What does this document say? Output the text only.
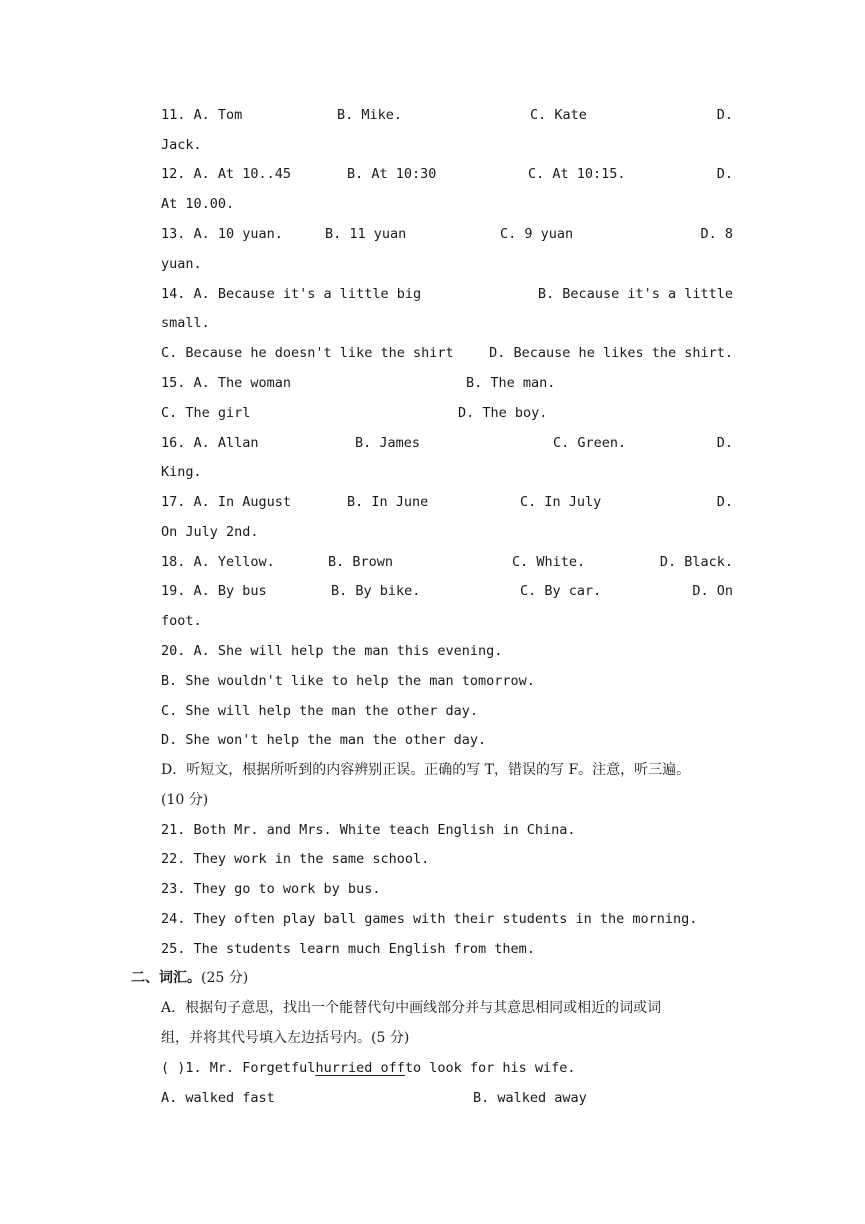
11. A. Tom	B. Mike.	C. Kate	D.
Jack.
12. A. At 10..45	B. At 10:30	C. At 10:15.	D.
At 10.00.
13. A. 10 yuan.	B. 11 yuan	C. 9 yuan	D. 8
yuan.
14. A. Because it's a little big	B. Because it's a little
small.
C. Because he doesn't like the shirt	D. Because he likes the shirt.
15. A. The woman	B. The man.
C. The girl	D. The boy.
16. A. Allan	B. James	C. Green.	D.
King.
17. A. In August	B. In June	C. In July	D.
On July 2nd.
18. A. Yellow.	B. Brown	C. White.	D. Black.
19. A. By bus	B. By bike.	C. By car.	D. On
foot.
20. A. She will help the man this evening.
B. She wouldn't like to help the man tomorrow.
C. She will help the man the other day.
D. She won't help the man the other day.
D．听短文，根据所听到的内容辨别正误。正确的写 T，错误的写 F。注意，听三遍。
(10 分)
21. Both Mr. and Mrs. White teach English in China.
22. They work in the same school.
23. They go to work by bus.
24. They often play ball games with their students in the morning.
25. The students learn much English from them.
二、词汇。(25 分)
A．根据句子意思，找出一个能替代句中画线部分并与其意思相同或相近的词或词
组，并将其代号填入左边括号内。(5 分)
( )1. Mr. Forgetfulhurried offto look for his wife.
A. walked fast	B. walked away
